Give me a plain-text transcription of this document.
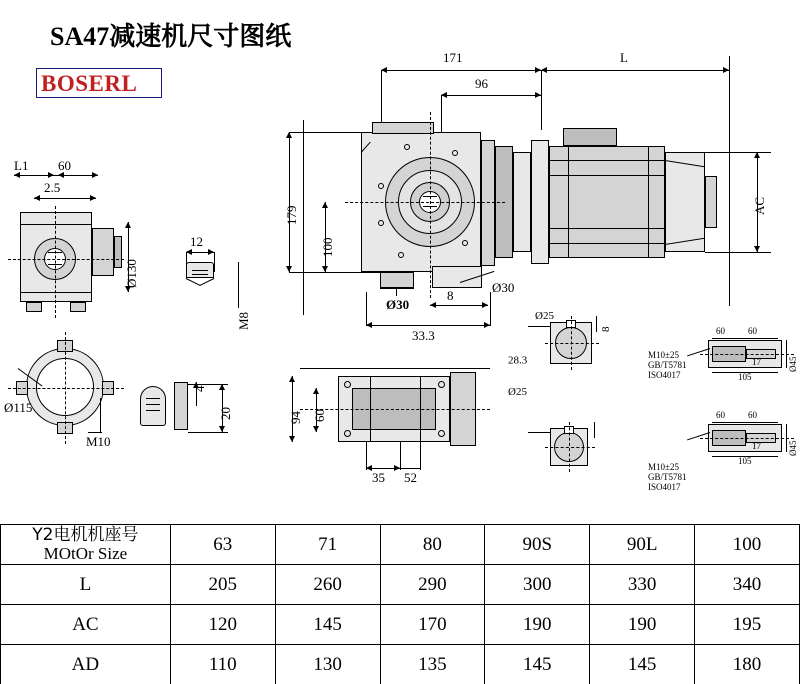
SA47减速机尺寸图纸
BOSERL
171	L
96
179
100
AC
8
33.3
Ø30
Ø30
L1 60
2.5
Ø130
Ø115
M10
12
M8
4
20	94 60
35 52
Ø25
8
28.3
Ø25
60	60
17
105
Ø45
M10±25
GB/T5781
ISO4017
60	60
17
105
Ø45
M10±25
GB/T5781
ISO4017
Y2电机机座号
MOtOr Size	63	71	80	90S	90L	100
L	205	260	290	300	330	340
AC	120	145	170	190	190	195
AD	110	130	135	145	145	180
